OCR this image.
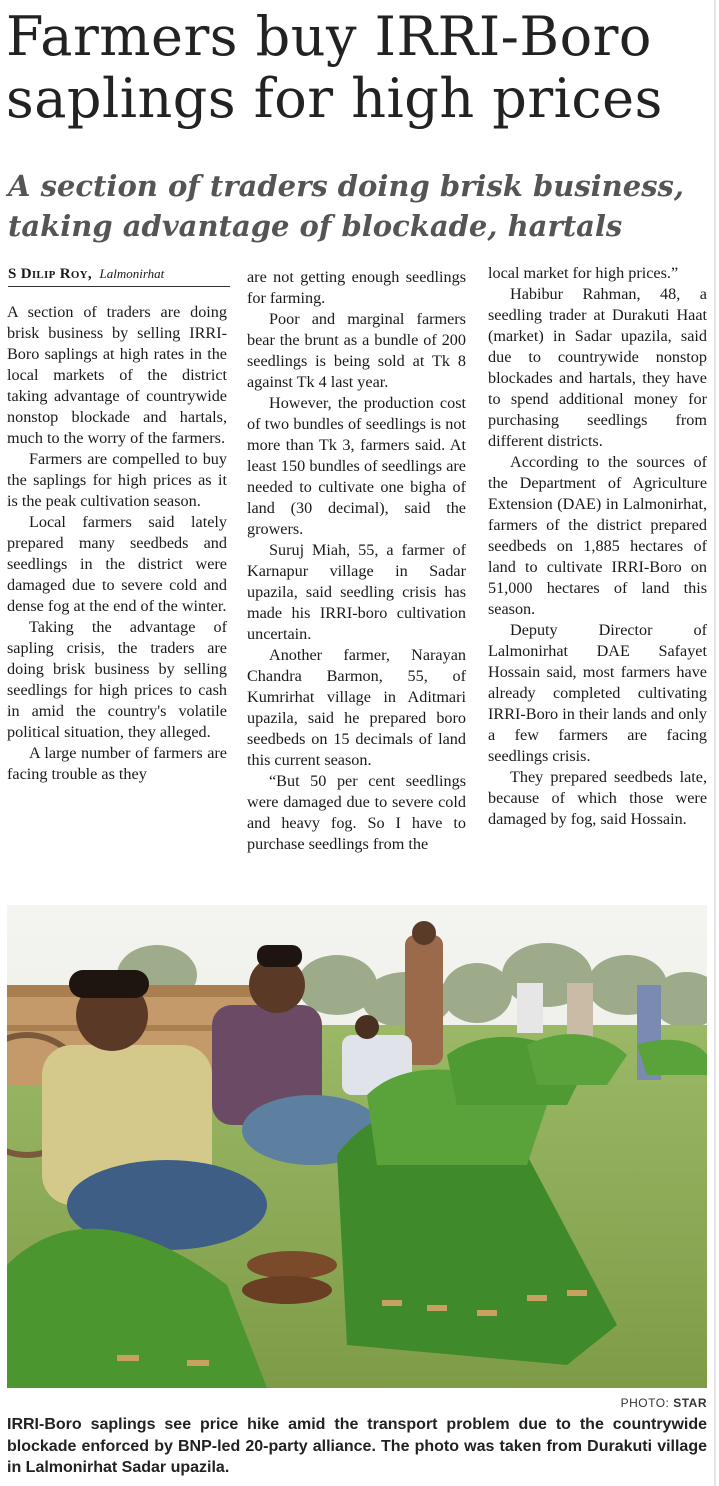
Farmers buy IRRI-Boro saplings for high prices
A section of traders doing brisk business, taking advantage of blockade, hartals
S Dilip Roy, Lalmonirhat

A section of traders are doing brisk business by selling IRRI-Boro saplings at high rates in the local markets of the district taking advantage of countrywide nonstop blockade and hartals, much to the worry of the farmers.

Farmers are compelled to buy the saplings for high prices as it is the peak cultivation season.

Local farmers said lately prepared many seedbeds and seedlings in the district were damaged due to severe cold and dense fog at the end of the winter.

Taking the advantage of sapling crisis, the traders are doing brisk business by selling seedlings for high prices to cash in amid the country's volatile political situation, they alleged.

A large number of farmers are facing trouble as they

are not getting enough seedlings for farming.

Poor and marginal farmers bear the brunt as a bundle of 200 seedlings is being sold at Tk 8 against Tk 4 last year.

However, the production cost of two bundles of seedlings is not more than Tk 3, farmers said. At least 150 bundles of seedlings are needed to cultivate one bigha of land (30 decimal), said the growers.

Suruj Miah, 55, a farmer of Karnapur village in Sadar upazila, said seedling crisis has made his IRRI-boro cultivation uncertain.

Another farmer, Narayan Chandra Barmon, 55, of Kumrirhat village in Aditmari upazila, said he prepared boro seedbeds on 15 decimals of land this current season.

“But 50 per cent seedlings were damaged due to severe cold and heavy fog. So I have to purchase seedlings from the

local market for high prices.”

Habibur Rahman, 48, a seedling trader at Durakuti Haat (market) in Sadar upazila, said due to countrywide nonstop blockades and hartals, they have to spend additional money for purchasing seedlings from different districts.

According to the sources of the Department of Agriculture Extension (DAE) in Lalmonirhat, farmers of the district prepared seedbeds on 1,885 hectares of land to cultivate IRRI-Boro on 51,000 hectares of land this season.

Deputy Director of Lalmonirhat DAE Safayet Hossain said, most farmers have already completed cultivating IRRI-Boro in their lands and only a few farmers are facing seedlings crisis.

They prepared seedbeds late, because of which those were damaged by fog, said Hossain.

PHOTO: STAR

IRRI-Boro saplings see price hike amid the transport problem due to the countrywide blockade enforced by BNP-led 20-party alliance. The photo was taken from Durakuti village in Lalmonirhat Sadar upazila.
